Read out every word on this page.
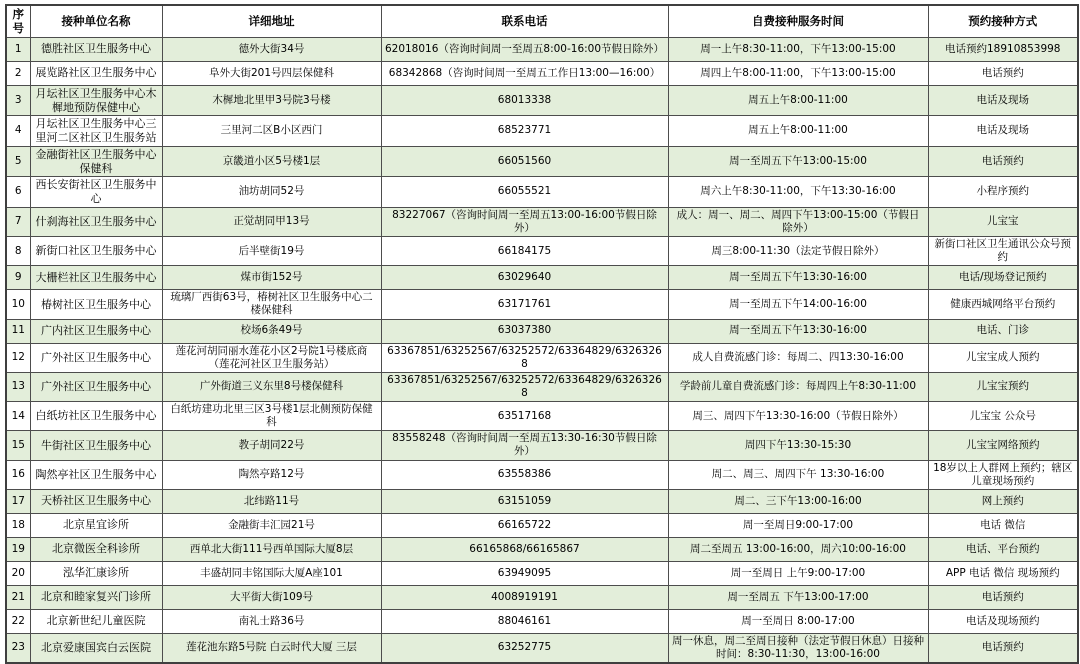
序号	接种单位名称	详细地址	联系电话	自费接种服务时间	预约接种方式
1	德胜社区卫生服务中心	德外大街34号	62018016（咨询时间周一至周五8:00-16:00节假日除外）	周一上午8:30-11:00，下午13:00-15:00	电话预约18910853998
2	展览路社区卫生服务中心	阜外大街201号四层保健科	68342868（咨询时间周一至周五工作日13:00—16:00）	周四上午8:00-11:00，下午13:00-15:00	电话预约
3	月坛社区卫生服务中心木樨地预防保健中心	木樨地北里甲3号院3号楼	68013338	周五上午8:00-11:00	电话及现场
4	月坛社区卫生服务中心三里河二区社区卫生服务站	三里河二区B小区西门	68523771	周五上午8:00-11:00	电话及现场
5	金融街社区卫生服务中心保健科	京畿道小区5号楼1层	66051560	周一至周五下午13:00-15:00	电话预约
6	西长安街社区卫生服务中心	油坊胡同52号	66055521	周六上午8:30-11:00，下午13:30-16:00	小程序预约
7	什刹海社区卫生服务中心	正觉胡同甲13号	83227067（咨询时间周一至周五13:00-16:00节假日除外）	成人：周一、周二、周四下午13:00-15:00（节假日除外）	儿宝宝
8	新街口社区卫生服务中心	后半壁街19号	66184175	周三8:00-11:30（法定节假日除外）	新街口社区卫生通讯公众号预约
9	大栅栏社区卫生服务中心	煤市街152号	63029640	周一至周五下午13:30-16:00	电话/现场登记预约
10	椿树社区卫生服务中心	琉璃厂西街63号，椿树社区卫生服务中心二楼保健科	63171761	周一至周五下午14:00-16:00	健康西城网络平台预约
11	广内社区卫生服务中心	校场6条49号	63037380	周一至周五下午13:30-16:00	电话、门诊
12	广外社区卫生服务中心	莲花河胡同丽水莲花小区2号院1号楼底商 （莲花河社区卫生服务站）	63367851/63252567/63252572/63364829/63263268	成人自费流感门诊：每周二、四13:30-16:00	儿宝宝成人预约
13	广外社区卫生服务中心	广外街道三义东里8号楼保健科	63367851/63252567/63252572/63364829/63263268	学龄前儿童自费流感门诊：每周四上午8:30-11:00	儿宝宝预约
14	白纸坊社区卫生服务中心	白纸坊建功北里三区3号楼1层北侧预防保健科	63517168	周三、周四下午13:30-16:00（节假日除外）	儿宝宝 公众号
15	牛街社区卫生服务中心	教子胡同22号	83558248（咨询时间周一至周五13:30-16:30节假日除外）	周四下午13:30-15:30	儿宝宝网络预约
16	陶然亭社区卫生服务中心	陶然亭路12号	63558386	周二、周三、周四下午 13:30-16:00	18岁以上人群网上预约；辖区儿童现场预约
17	天桥社区卫生服务中心	北纬路11号	63151059	周二、三下午13:00-16:00	网上预约
18	北京星宜诊所	金融街丰汇园21号	66165722	周一至周日9:00-17:00	电话 微信
19	北京微医全科诊所	西单北大街111号西单国际大厦8层	66165868/66165867	周二至周五 13:00-16:00，周六10:00-16:00	电话、平台预约
20	泓华汇康诊所	丰盛胡同丰铭国际大厦A座101	63949095	周一至周日 上午9:00-17:00	APP 电话 微信 现场预约
21	北京和睦家复兴门诊所	大平街大街109号	4008919191	周一至周五 下午13:00-17:00	电话预约
22	北京新世纪儿童医院	南礼士路36号	88046161	周一至周日 8:00-17:00	电话及现场预约
23	北京爱康国宾白云医院	莲花池东路5号院 白云时代大厦 三层	63252775	周一休息，周二至周日接种（法定节假日休息）日接种时间：8:30-11:30，13:00-16:00	电话预约
